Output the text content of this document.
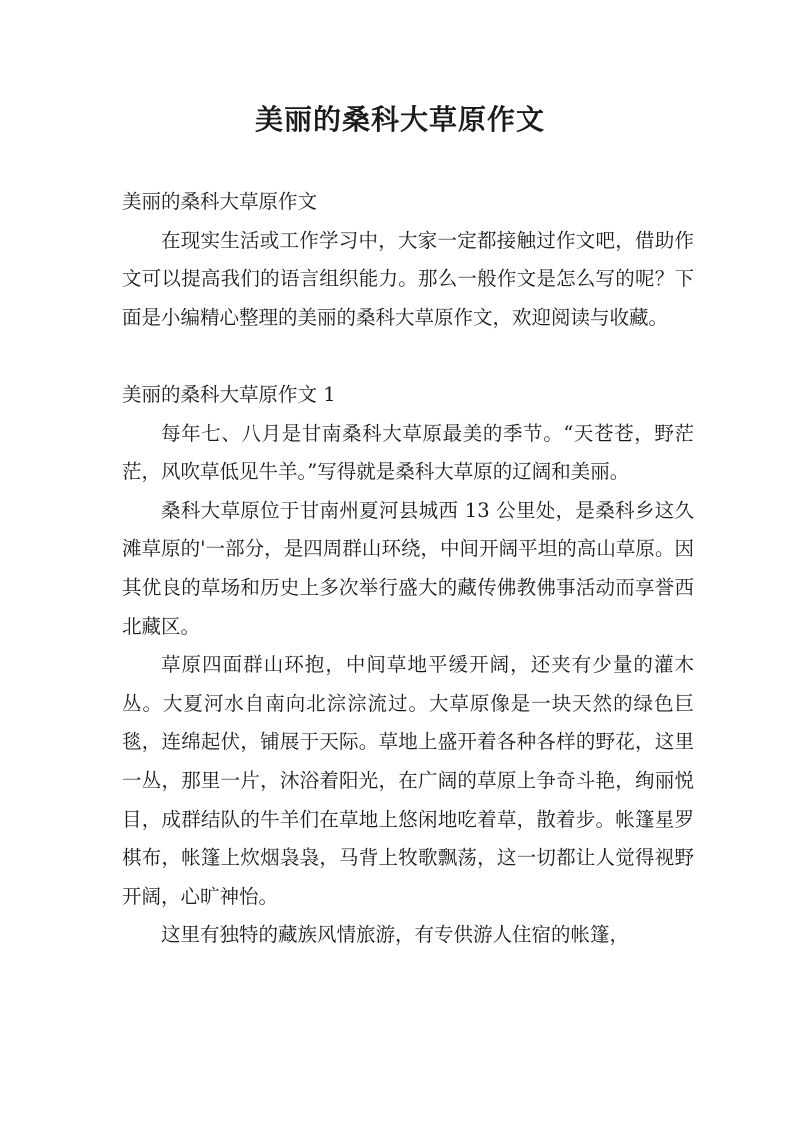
美丽的桑科大草原作文

美丽的桑科大草原作文

在现实生活或工作学习中，大家一定都接触过作文吧，借助作文可以提高我们的语言组织能力。那么一般作文是怎么写的呢？下面是小编精心整理的美丽的桑科大草原作文，欢迎阅读与收藏。

美丽的桑科大草原作文 1

每年七、八月是甘南桑科大草原最美的季节。“天苍苍，野茫茫，风吹草低见牛羊。”写得就是桑科大草原的辽阔和美丽。

桑科大草原位于甘南州夏河县城西 13 公里处，是桑科乡这久滩草原的'一部分，是四周群山环绕，中间开阔平坦的高山草原。因其优良的草场和历史上多次举行盛大的藏传佛教佛事活动而享誉西北藏区。

草原四面群山环抱，中间草地平缓开阔，还夹有少量的灌木丛。大夏河水自南向北淙淙流过。大草原像是一块天然的绿色巨毯，连绵起伏，铺展于天际。草地上盛开着各种各样的野花，这里一丛，那里一片，沐浴着阳光，在广阔的草原上争奇斗艳，绚丽悦目，成群结队的牛羊们在草地上悠闲地吃着草，散着步。帐篷星罗棋布，帐篷上炊烟袅袅，马背上牧歌飘荡，这一切都让人觉得视野开阔，心旷神怡。

这里有独特的藏族风情旅游，有专供游人住宿的帐篷，
